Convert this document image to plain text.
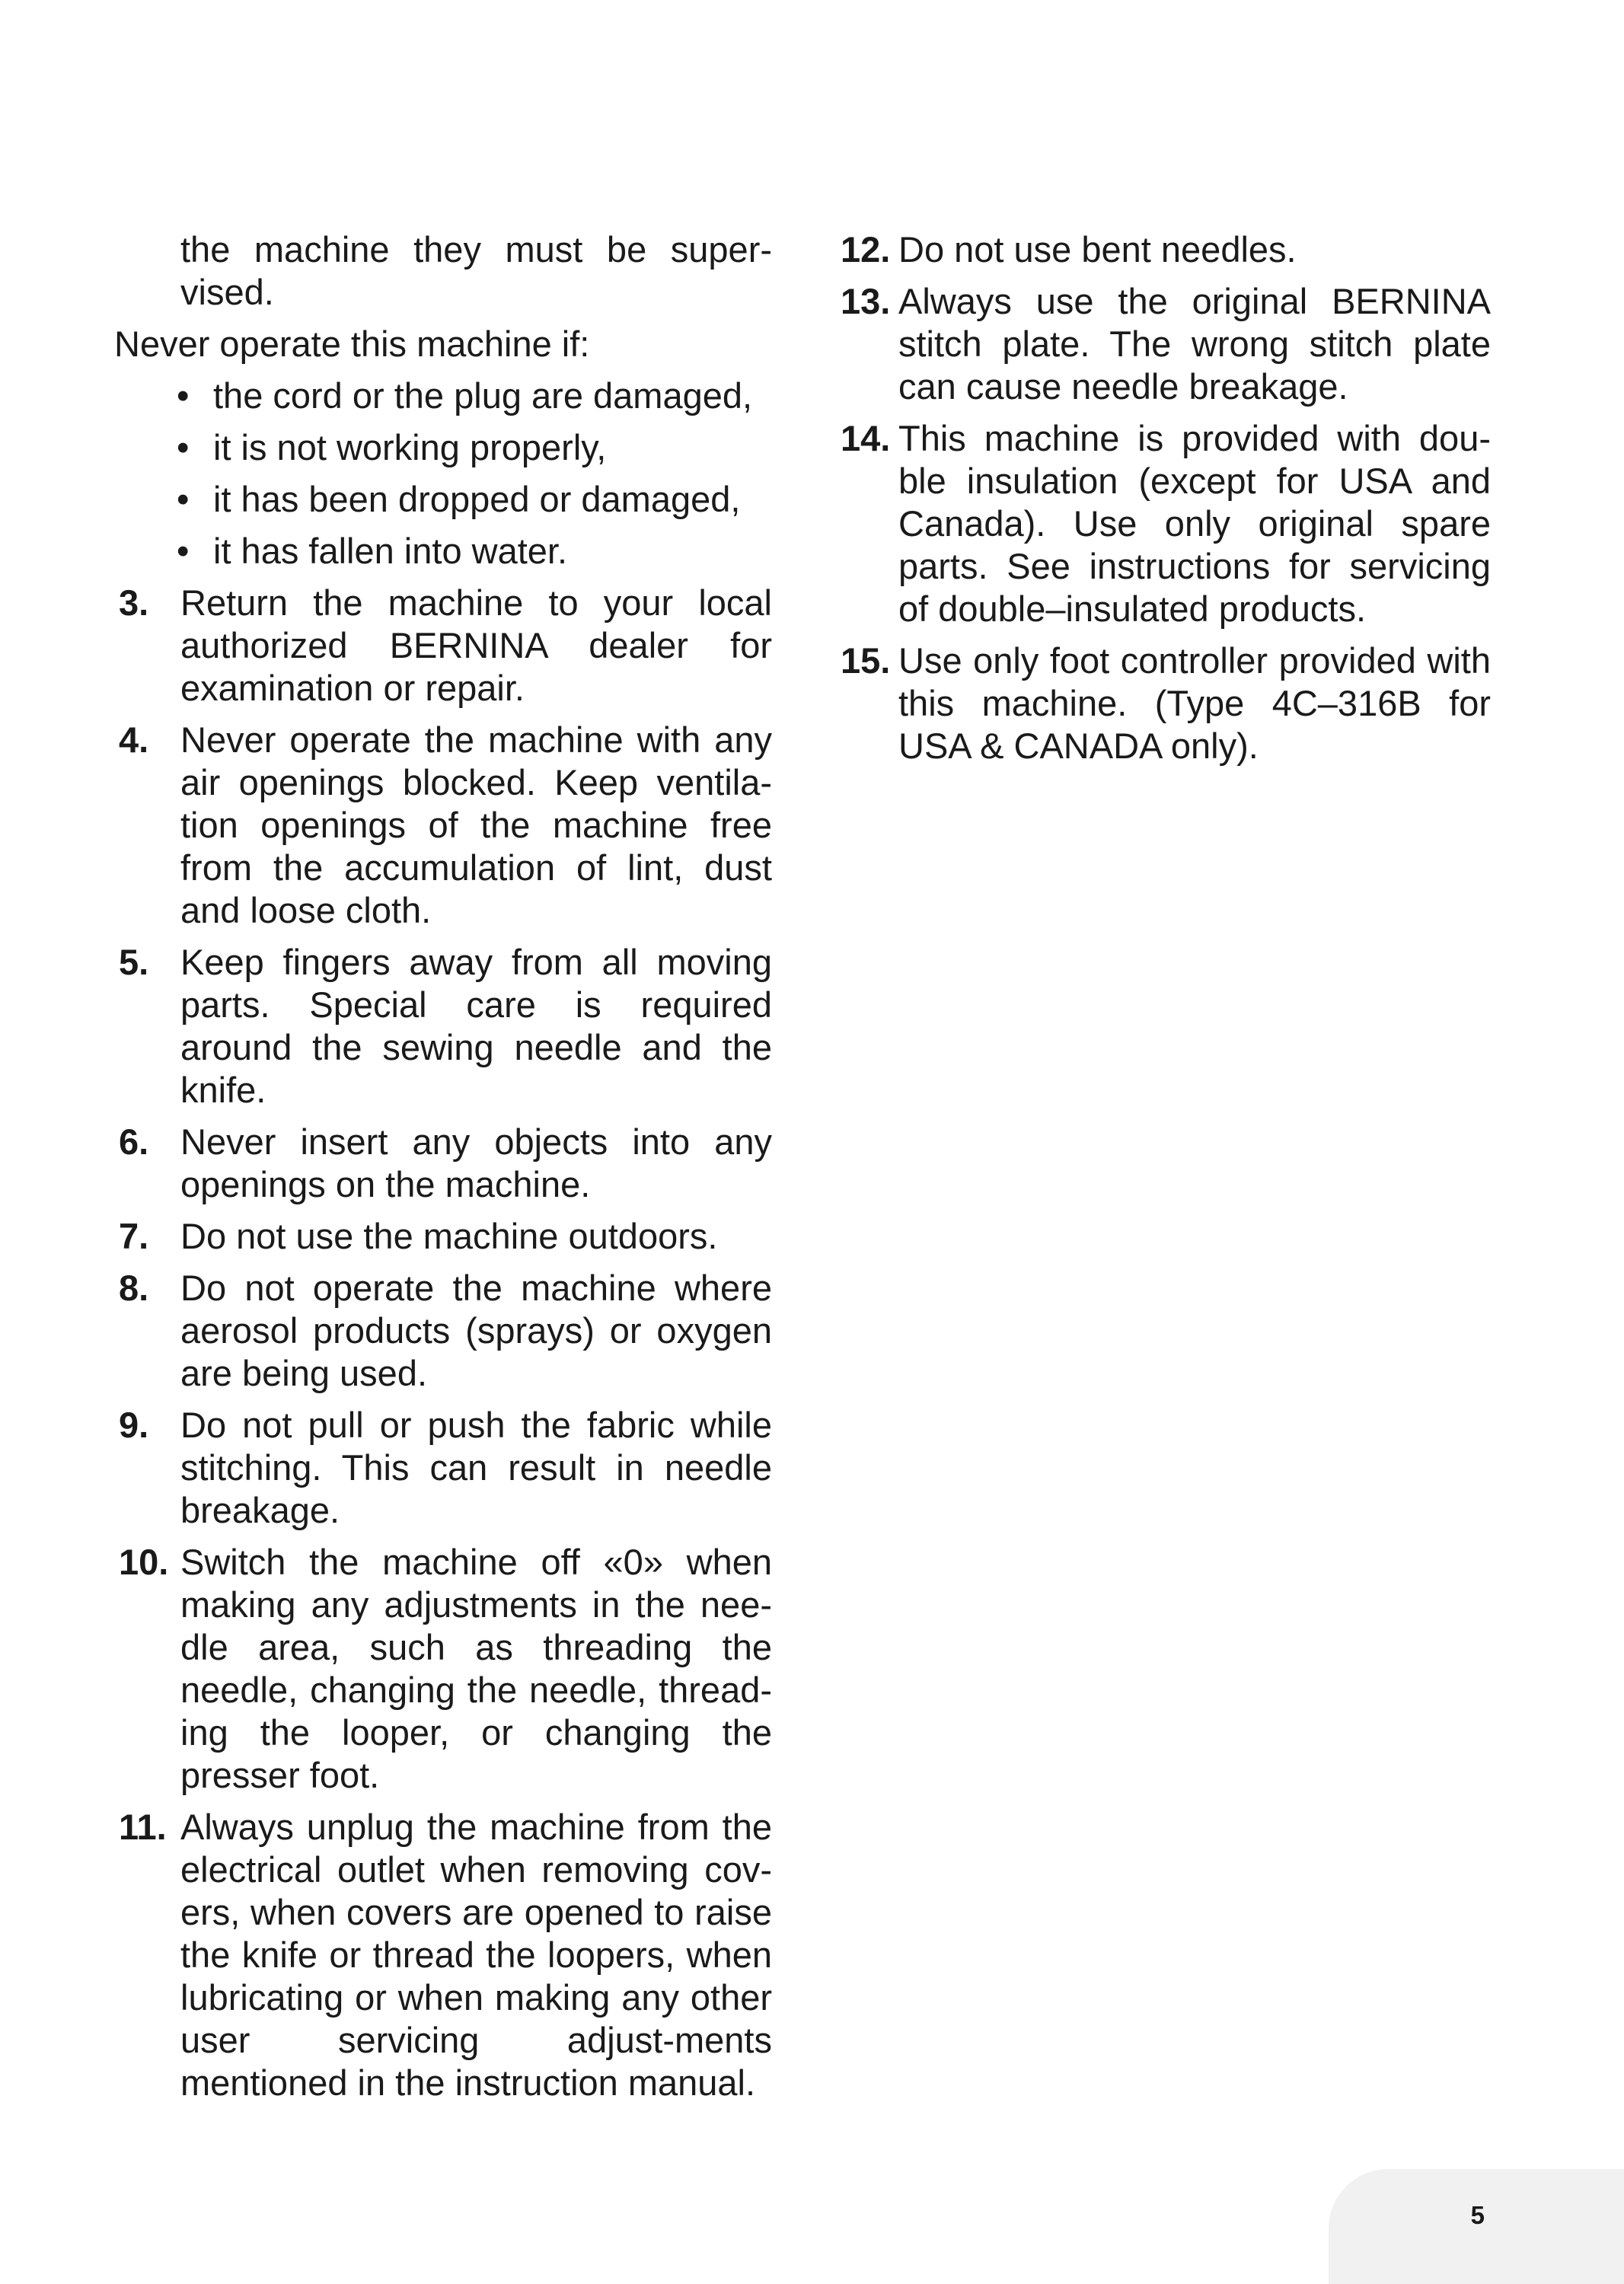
the machine they must be super-vised.

Never operate this machine if:

• the cord or the plug are damaged,
• it is not working properly,
• it has been dropped or damaged,
• it has fallen into water.
3. Return the machine to your local authorized BERNINA dealer for examination or repair.
4. Never operate the machine with any air openings blocked. Keep ventila-tion openings of the machine free from the accumulation of lint, dust and loose cloth.
5. Keep fingers away from all moving parts. Special care is required around the sewing needle and the knife.
6. Never insert any objects into any openings on the machine.
7. Do not use the machine outdoors.
8. Do not operate the machine where aerosol products (sprays) or oxygen are being used.
9. Do not pull or push the fabric while stitching. This can result in needle breakage.
10. Switch the machine off «0» when making any adjustments in the nee-dle area, such as threading the needle, changing the needle, thread-ing the looper, or changing the presser foot.
11. Always unplug the machine from the electrical outlet when removing cov-ers, when covers are opened to raise the knife or thread the loopers, when lubricating or when making any other user servicing adjust-ments mentioned in the instruction manual.
12. Do not use bent needles.
13. Always use the original BERNINA stitch plate. The wrong stitch plate can cause needle breakage.
14. This machine is provided with dou-ble insulation (except for USA and Canada). Use only original spare parts. See instructions for servicing of double–insulated products.
15. Use only foot controller provided with this machine. (Type 4C–316B for USA & CANADA only).
5
